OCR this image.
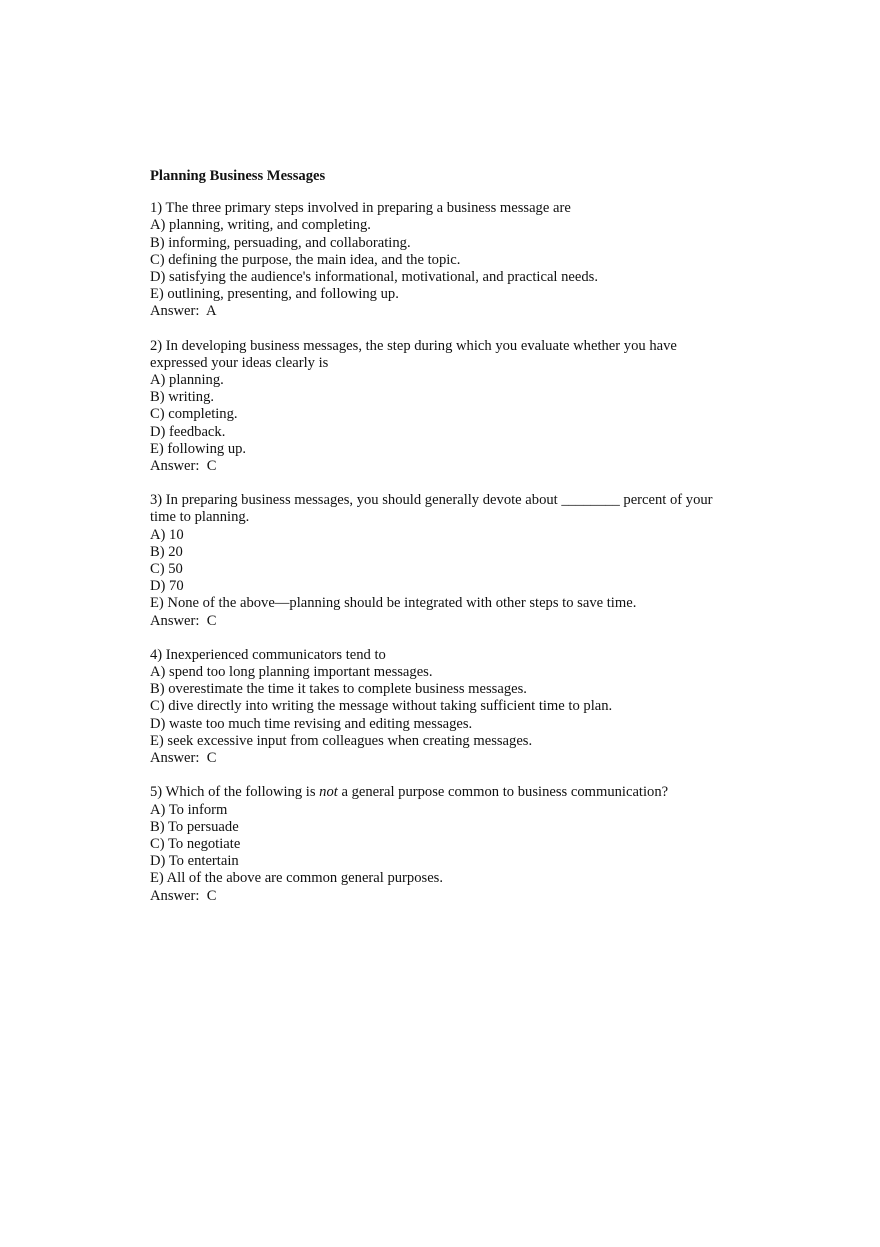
Planning Business Messages
1) The three primary steps involved in preparing a business message are
A) planning, writing, and completing.
B) informing, persuading, and collaborating.
C) defining the purpose, the main idea, and the topic.
D) satisfying the audience's informational, motivational, and practical needs.
E) outlining, presenting, and following up.
Answer:  A
2) In developing business messages, the step during which you evaluate whether you have expressed your ideas clearly is
A) planning.
B) writing.
C) completing.
D) feedback.
E) following up.
Answer:  C
3) In preparing business messages, you should generally devote about ________ percent of your time to planning.
A) 10
B) 20
C) 50
D) 70
E) None of the above—planning should be integrated with other steps to save time.
Answer:  C
4) Inexperienced communicators tend to
A) spend too long planning important messages.
B) overestimate the time it takes to complete business messages.
C) dive directly into writing the message without taking sufficient time to plan.
D) waste too much time revising and editing messages.
E) seek excessive input from colleagues when creating messages.
Answer:  C
5) Which of the following is not a general purpose common to business communication?
A) To inform
B) To persuade
C) To negotiate
D) To entertain
E) All of the above are common general purposes.
Answer:  C
